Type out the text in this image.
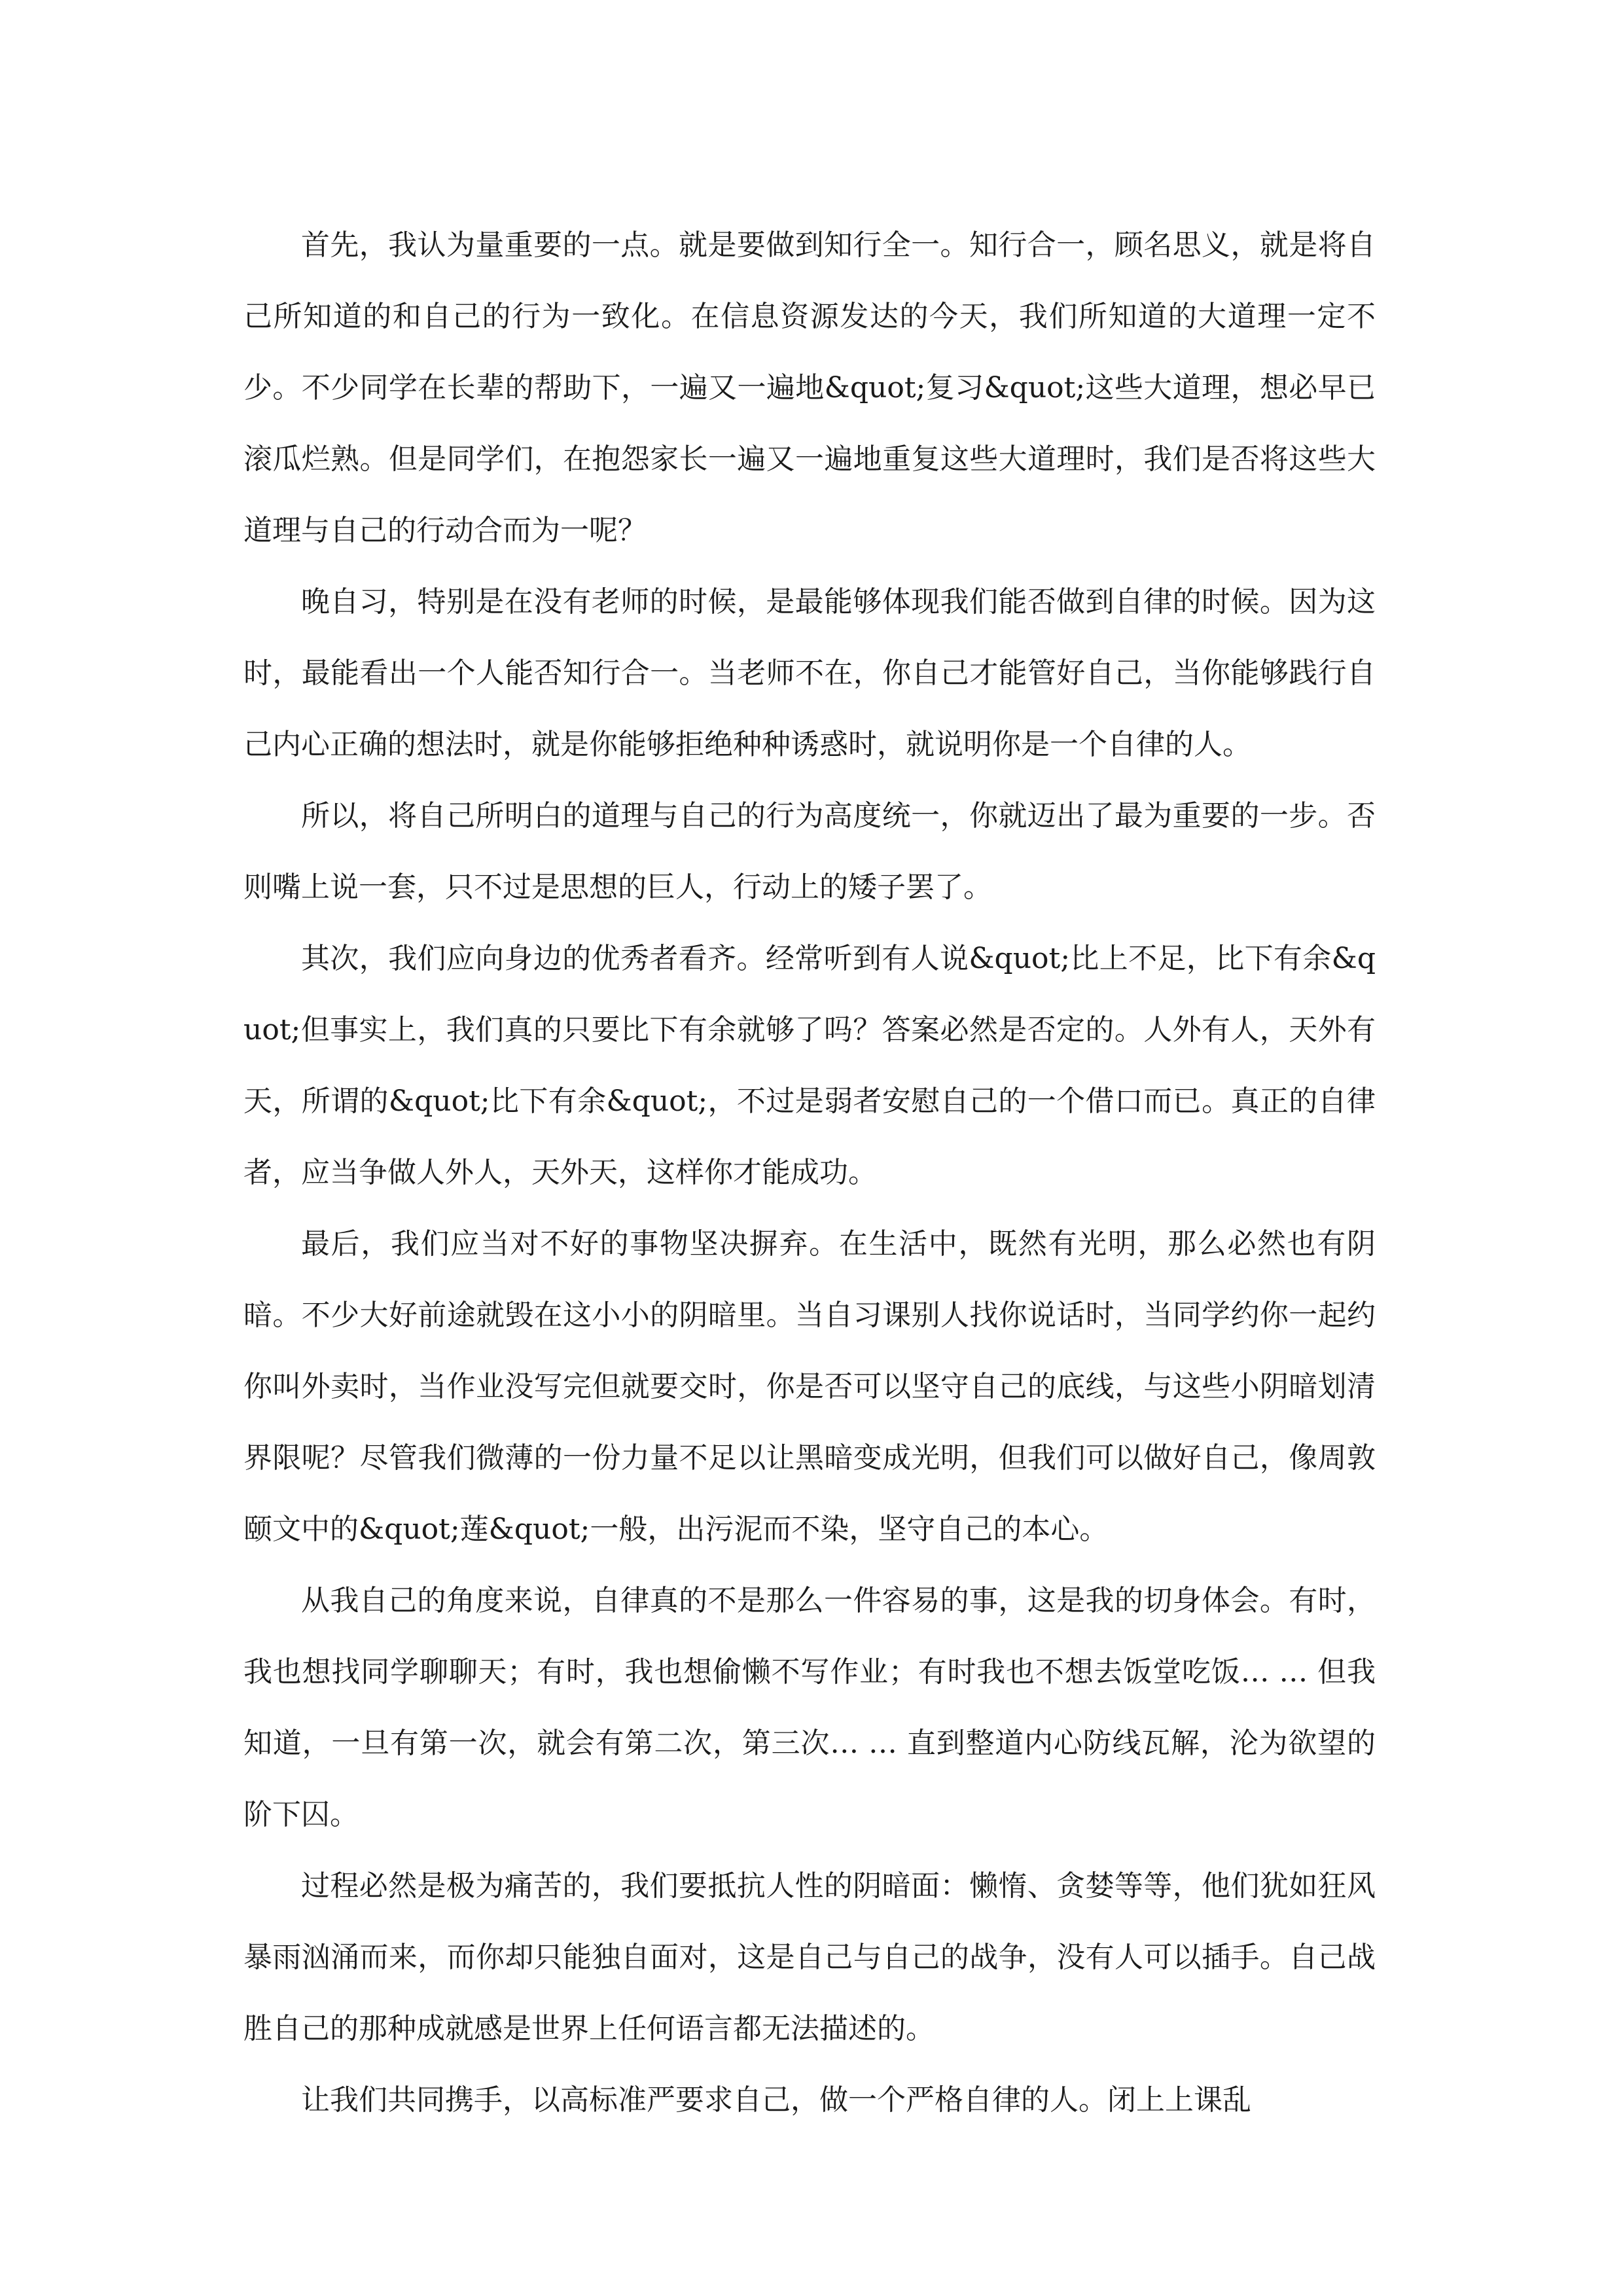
首先，我认为量重要的一点。就是要做到知行全一。知行合一，顾名思义，就是将自己所知道的和自己的行为一致化。在信息资源发达的今天，我们所知道的大道理一定不少。不少同学在长辈的帮助下，一遍又一遍地&quot;复习&quot;这些大道理，想必早已滚瓜烂熟。但是同学们，在抱怨家长一遍又一遍地重复这些大道理时，我们是否将这些大道理与自己的行动合而为一呢？

晚自习，特别是在没有老师的时候，是最能够体现我们能否做到自律的时候。因为这时，最能看出一个人能否知行合一。当老师不在，你自己才能管好自己，当你能够践行自己内心正确的想法时，就是你能够拒绝种种诱惑时，就说明你是一个自律的人。

所以，将自己所明白的道理与自己的行为高度统一，你就迈出了最为重要的一步。否则嘴上说一套，只不过是思想的巨人，行动上的矮子罢了。

其次，我们应向身边的优秀者看齐。经常听到有人说&quot;比上不足，比下有余&quot;但事实上，我们真的只要比下有余就够了吗？答案必然是否定的。人外有人，天外有天，所谓的&quot;比下有余&quot;，不过是弱者安慰自己的一个借口而已。真正的自律者，应当争做人外人，天外天，这样你才能成功。

最后，我们应当对不好的事物坚决摒弃。在生活中，既然有光明，那么必然也有阴暗。不少大好前途就毁在这小小的阴暗里。当自习课别人找你说话时，当同学约你一起约你叫外卖时，当作业没写完但就要交时，你是否可以坚守自己的底线，与这些小阴暗划清界限呢？尽管我们微薄的一份力量不足以让黑暗变成光明，但我们可以做好自己，像周敦颐文中的&quot;莲&quot;一般，出污泥而不染，坚守自己的本心。

从我自己的角度来说，自律真的不是那么一件容易的事，这是我的切身体会。有时，我也想找同学聊聊天；有时，我也想偷懒不写作业；有时我也不想去饭堂吃饭… … 但我知道，一旦有第一次，就会有第二次，第三次… … 直到整道内心防线瓦解，沦为欲望的阶下囚。

过程必然是极为痛苦的，我们要抵抗人性的阴暗面：懒惰、贪婪等等，他们犹如狂风暴雨汹涌而来，而你却只能独自面对，这是自己与自己的战争，没有人可以插手。自己战胜自己的那种成就感是世界上任何语言都无法描述的。

让我们共同携手，以高标准严要求自己，做一个严格自律的人。闭上上课乱
